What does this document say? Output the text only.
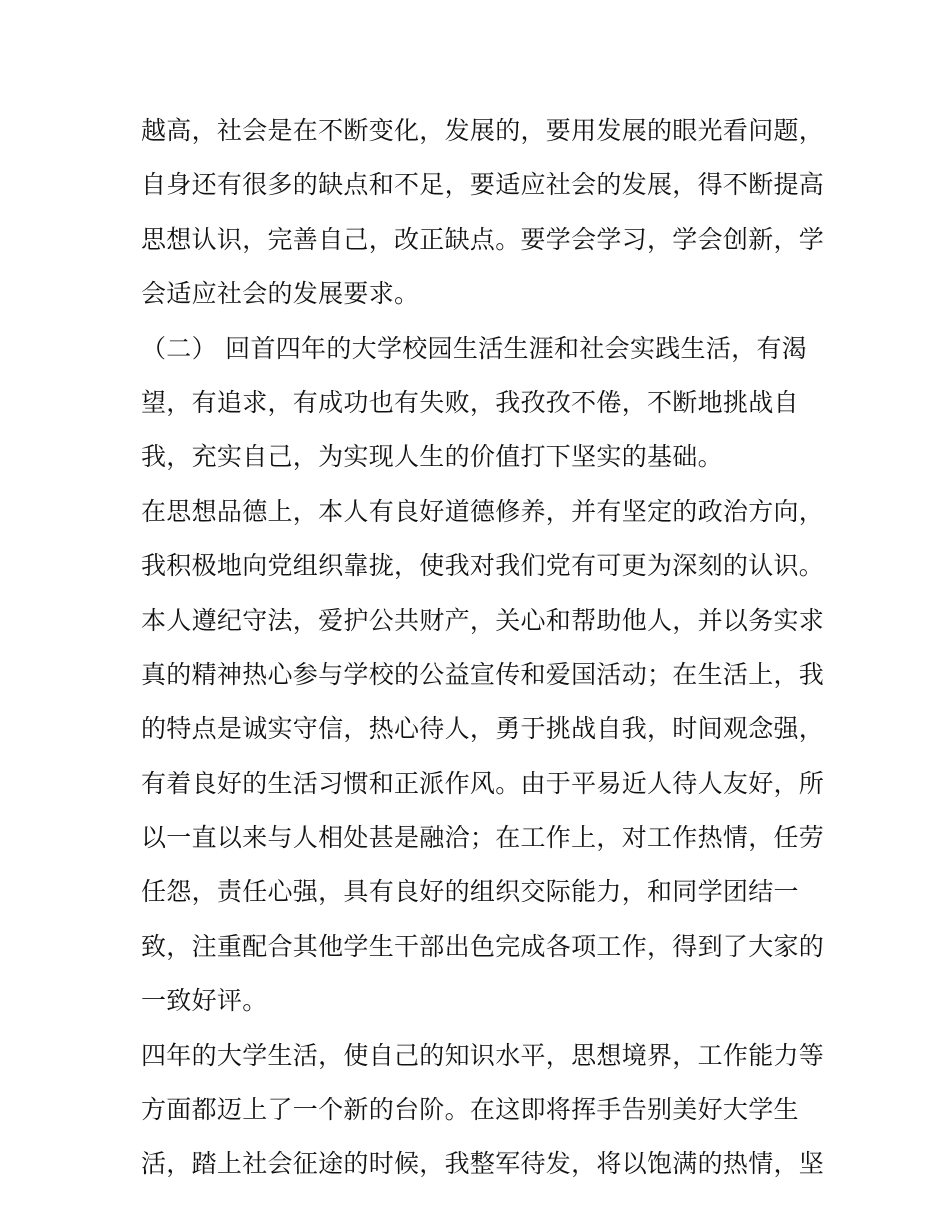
越高，社会是在不断变化，发展的，要用发展的眼光看问题，
自身还有很多的缺点和不足，要适应社会的发展，得不断提高
思想认识，完善自己，改正缺点。要学会学习，学会创新，学
会适应社会的发展要求。
（二） 回首四年的大学校园生活生涯和社会实践生活，有渴
望，有追求，有成功也有失败，我孜孜不倦，不断地挑战自
我，充实自己，为实现人生的价值打下坚实的基础。
在思想品德上，本人有良好道德修养，并有坚定的政治方向，
我积极地向党组织靠拢，使我对我们党有可更为深刻的认识。
本人遵纪守法，爱护公共财产，关心和帮助他人，并以务实求
真的精神热心参与学校的公益宣传和爱国活动；在生活上，我
的特点是诚实守信，热心待人，勇于挑战自我，时间观念强，
有着良好的生活习惯和正派作风。由于平易近人待人友好，所
以一直以来与人相处甚是融洽；在工作上，对工作热情，任劳
任怨，责任心强，具有良好的组织交际能力，和同学团结一
致，注重配合其他学生干部出色完成各项工作，得到了大家的
一致好评。
四年的大学生活，使自己的知识水平，思想境界，工作能力等
方面都迈上了一个新的台阶。在这即将挥手告别美好大学生
活，踏上社会征途的时候，我整军待发，将以饱满的热情，坚
